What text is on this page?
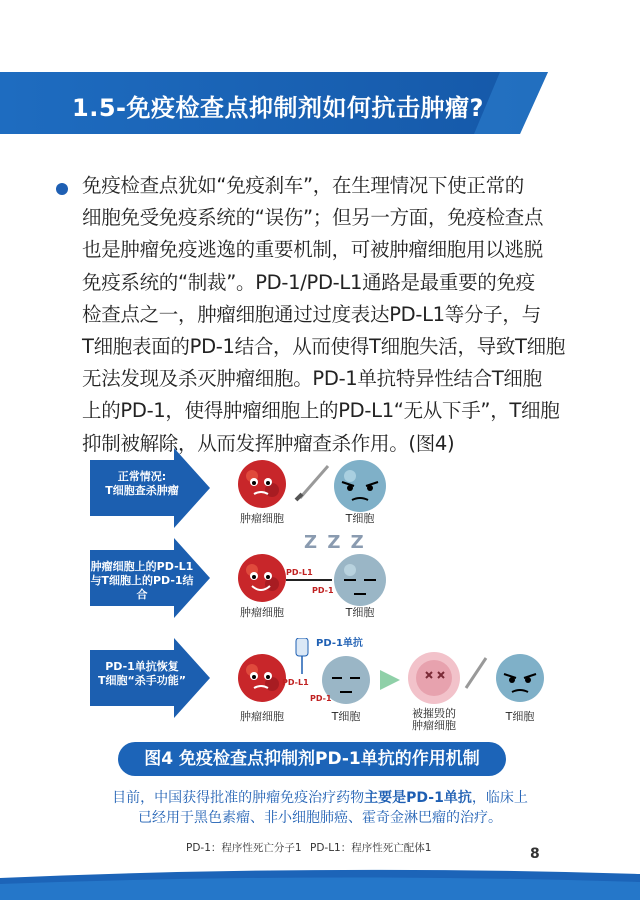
1.5-免疫检查点抑制剂如何抗击肿瘤?
免疫检查点犹如“免疫刹车”，在生理情况下使正常的
细胞免受免疫系统的“误伤”；但另一方面，免疫检查点
也是肿瘤免疫逃逸的重要机制，可被肿瘤细胞用以逃脱
免疫系统的“制裁”。PD-1/PD-L1通路是最重要的免疫
检查点之一，肿瘤细胞通过过度表达PD-L1等分子，与
T细胞表面的PD-1结合，从而使得T细胞失活，导致T细胞
无法发现及杀灭肿瘤细胞。PD-1单抗特异性结合T细胞
上的PD-1，使得肿瘤细胞上的PD-L1“无从下手”，T细胞
抑制被解除，从而发挥肿瘤查杀作用。(图4)
正常情况:
T细胞查杀肿瘤
肿瘤细胞	T细胞
肿瘤细胞上的PD-L1
与T细胞上的PD-1结合
Z Z Z
PD-L1
PD-1
肿瘤细胞	T细胞
PD-1单抗恢复
T细胞“杀手功能”
PD-1单抗
PD-L1
PD-1
肿瘤细胞	T细胞	被摧毁的
肿瘤细胞
T细胞
图4 免疫检查点抑制剂PD-1单抗的作用机制
目前，中国获得批准的肿瘤免疫治疗药物主要是PD-1单抗，临床上
已经用于黑色素瘤、非小细胞肺癌、霍奇金淋巴瘤的治疗。
PD-1：程序性死亡分子1 PD-L1：程序性死亡配体1	8
